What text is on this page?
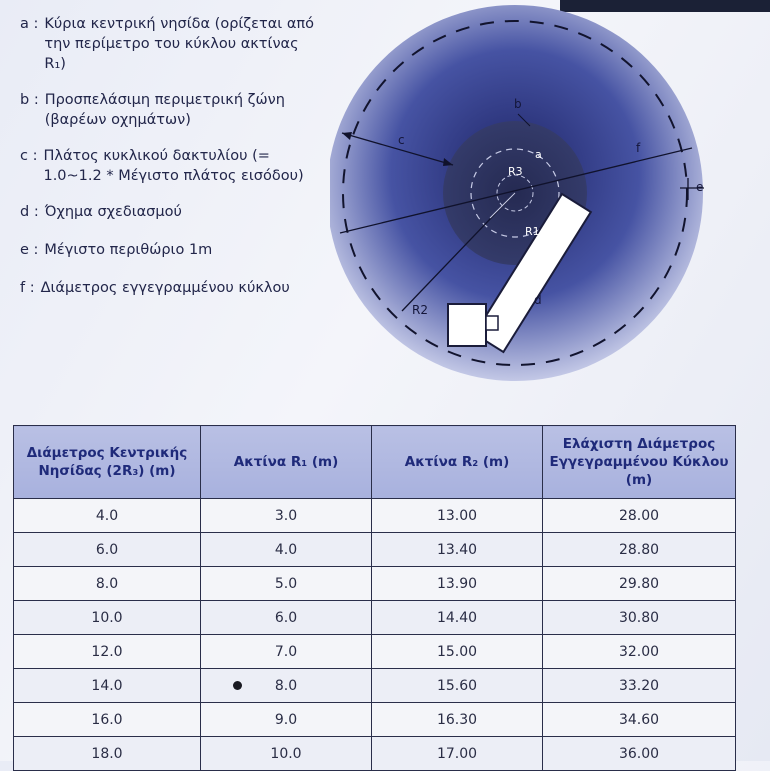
a : Κύρια κεντρική νησίδα (ορίζεται από την περίμετρο του κύκλου ακτίνας R₁)
b : Προσπελάσιμη περιμετρική ζώνη (βαρέων οχημάτων)
c : Πλάτος κυκλικού δακτυλίου (= 1.0~1.2 * Μέγιστο πλάτος εισόδου)
d : Όχημα σχεδιασμού
e : Μέγιστο περιθώριο 1m
f : Διάμετρος εγγεγραμμένου κύκλου
b
c
d
e
f
R2
R1
R3
a
Διάμετρος Κεντρικής Νησίδας (2R₃) (m)	Ακτίνα R₁ (m)	Ακτίνα R₂ (m)	Ελάχιστη Διάμετρος Εγγεγραμμένου Κύκλου (m)
4.0	3.0	13.00	28.00
6.0	4.0	13.40	28.80
8.0	5.0	13.90	29.80
10.0	6.0	14.40	30.80
12.0	7.0	15.00	32.00
14.0	8.0	15.60	33.20
16.0	9.0	16.30	34.60
18.0	10.0	17.00	36.00
